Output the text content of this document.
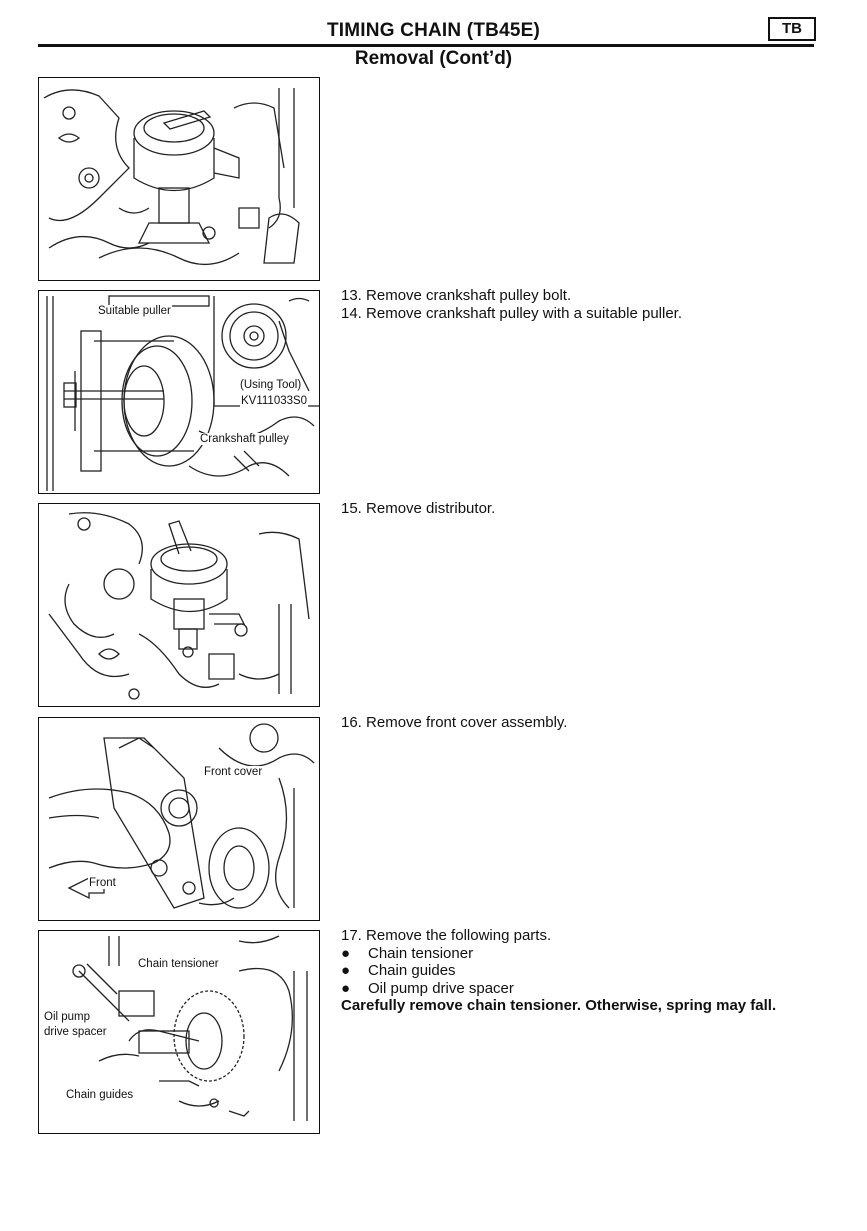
TIMING CHAIN (TB45E)	TB
Removal (Cont’d)
Suitable puller
(Using Tool)
KV111033S0
Crankshaft pulley
Front cover
Front
Chain tensioner
Oil pump
drive spacer
Chain guides
13. Remove crankshaft pulley bolt.
14. Remove crankshaft pulley with a suitable puller.
15. Remove distributor.
16. Remove front cover assembly.
17. Remove the following parts.
● Chain tensioner
● Chain guides
● Oil pump drive spacer
Carefully remove chain tensioner. Otherwise, spring may fall.
